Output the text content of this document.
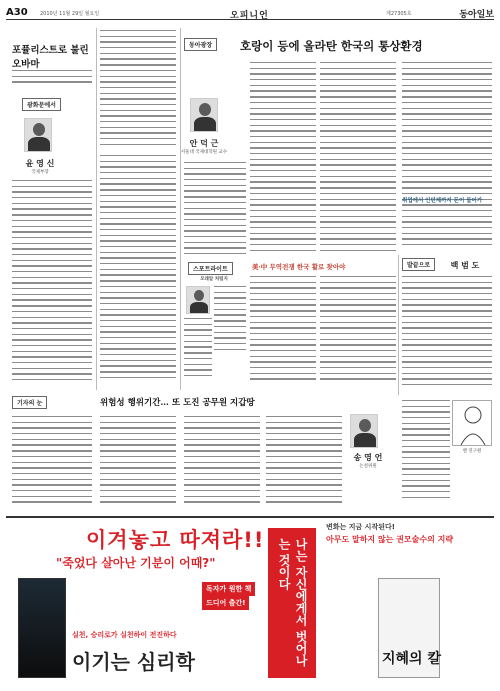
A30 2010년 11월 29일 월요일	오피니언	제27305호	동아일보
포퓰리스트로 불린 오바마
광화문에서
윤 영 신
국제부장
호랑이 등에 올라탄 한국의 통상환경
동아광장
안 덕 근
서울대 국제대학원 교수
스포트라이트
모래알 처럼지
美·中 무역전쟁 한국 활로 찾아야	발끝으로	백 범 도
밸 연구원
취업에서 인턴제까지 돈이 들어가
기자의 눈	위험성 행위기간… 또 도진 공무원 지갑땅
송 영 언
논설위원
이겨놓고 따져라!!
"죽었다 살아난 기분이 어때?"
이기는 심리학
독자가 원한 책
드디어 출간!
실천, 승리로가 실천하이 전진하다	나는 자신에게서 벗어나는 것이다
변화는 지금 시작된다!
아무도 말하지 않는 권모술수의 지략
지혜의 칼
